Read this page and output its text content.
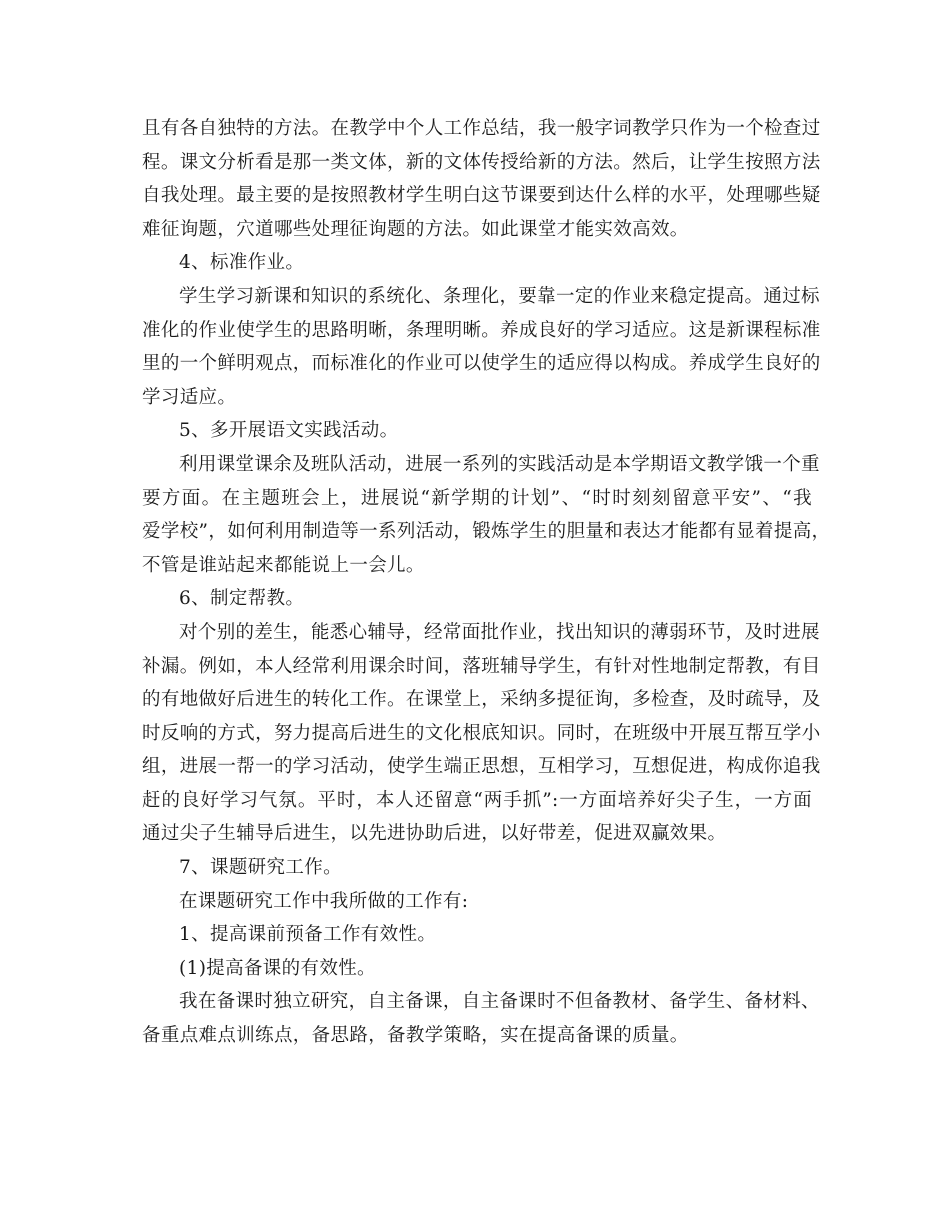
且有各自独特的方法。在教学中个人工作总结，我一般字词教学只作为一个检查过
程。课文分析看是那一类文体，新的文体传授给新的方法。然后，让学生按照方法
自我处理。最主要的是按照教材学生明白这节课要到达什么样的水平，处理哪些疑
难征询题，穴道哪些处理征询题的方法。如此课堂才能实效高效。
4、标准作业。
学生学习新课和知识的系统化、条理化，要靠一定的作业来稳定提高。通过标
准化的作业使学生的思路明晰，条理明晰。养成良好的学习适应。这是新课程标准
里的一个鲜明观点，而标准化的作业可以使学生的适应得以构成。养成学生良好的
学习适应。
5、多开展语文实践活动。
利用课堂课余及班队活动，进展一系列的实践活动是本学期语文教学饿一个重
要方面。在主题班会上，进展说“新学期的计划”、“时时刻刻留意平安”、“我
爱学校”，如何利用制造等一系列活动，锻炼学生的胆量和表达才能都有显着提高，
不管是谁站起来都能说上一会儿。
6、制定帮教。
对个别的差生，能悉心辅导，经常面批作业，找出知识的薄弱环节，及时进展
补漏。例如，本人经常利用课余时间，落班辅导学生，有针对性地制定帮教，有目
的有地做好后进生的转化工作。在课堂上，采纳多提征询，多检查，及时疏导，及
时反响的方式，努力提高后进生的文化根底知识。同时，在班级中开展互帮互学小
组，进展一帮一的学习活动，使学生端正思想，互相学习，互想促进，构成你追我
赶的良好学习气氛。平时，本人还留意“两手抓”:一方面培养好尖子生，一方面
通过尖子生辅导后进生，以先进协助后进，以好带差，促进双赢效果。
7、课题研究工作。
在课题研究工作中我所做的工作有:
1、提高课前预备工作有效性。
(1)提高备课的有效性。
我在备课时独立研究，自主备课，自主备课时不但备教材、备学生、备材料、
备重点难点训练点，备思路，备教学策略，实在提高备课的质量。
